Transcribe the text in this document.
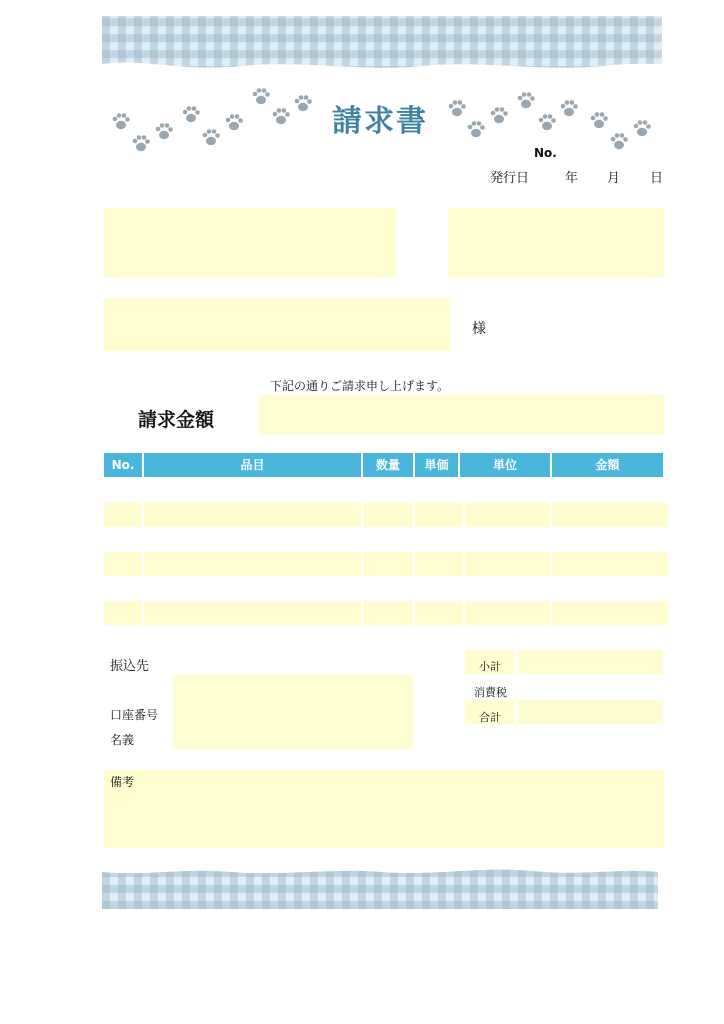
請求書
No.
発行日	年 月 日
様
下記の通りご請求申し上げます。
請求金額
No.	品目	数量	単価	単位	金額
振込先
口座番号
名義
小計
消費税
合計
備考
